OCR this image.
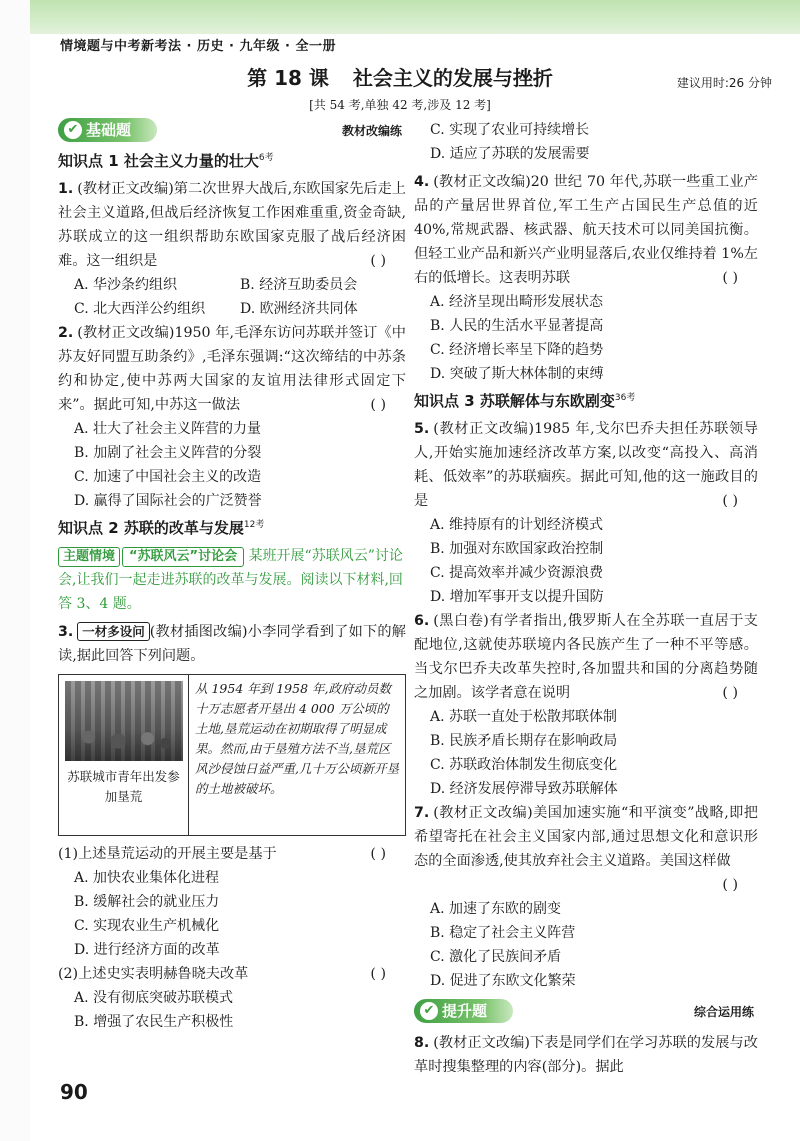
情境题与中考新考法 · 历史 · 九年级 · 全一册
第 18 课 社会主义的发展与挫折	建议用时:26 分钟
[共 54 考,单独 42 考,涉及 12 考]
✔ 基础题	教材改编练
知识点 1 社会主义力量的壮大$^{6考}$

1. (教材正文改编)第二次世界大战后,东欧国家先后走上社会主义道路,但战后经济恢复工作困难重重,资金奇缺,苏联成立的这一组织帮助东欧国家克服了战后经济困难。这一组织是	( )

A. 华沙条约组织	B. 经济互助委员会
C. 北大西洋公约组织	D. 欧洲经济共同体

2. (教材正文改编)1950 年,毛泽东访问苏联并签订《中苏友好同盟互助条约》,毛泽东强调:“这次缔结的中苏条约和协定,使中苏两大国家的友谊用法律形式固定下来”。据此可知,中苏这一做法	( )

A. 壮大了社会主义阵营的力量
B. 加剧了社会主义阵营的分裂
C. 加速了中国社会主义的改造
D. 赢得了国际社会的广泛赞誉
知识点 2 苏联的改革与发展$^{12考}$
主题情境 “苏联风云”讨论会 某班开展“苏联风云”讨论会,让我们一起走进苏联的改革与发展。阅读以下材料,回答 3、4 题。

3. 一材多设问 (教材插图改编)小李同学看到了如下的解读,据此回答下列问题。

苏联城市青年出发参加垦荒
从 1954 年到 1958 年,政府动员数十万志愿者开垦出 4 000 万公顷的土地,垦荒运动在初期取得了明显成果。然而,由于垦殖方法不当,垦荒区风沙侵蚀日益严重,几十万公顷新开垦的土地被破坏。

(1)上述垦荒运动的开展主要是基于	( )

A. 加快农业集体化进程
B. 缓解社会的就业压力
C. 实现农业生产机械化
D. 进行经济方面的改革

(2)上述史实表明赫鲁晓夫改革	( )

A. 没有彻底突破苏联模式
B. 增强了农民生产积极性
C. 实现了农业可持续增长
D. 适应了苏联的发展需要

4. (教材正文改编)20 世纪 70 年代,苏联一些重工业产品的产量居世界首位,军工生产占国民生产总值的近 40%,常规武器、核武器、航天技术可以同美国抗衡。但轻工业产品和新兴产业明显落后,农业仅维持着 1%左右的低增长。这表明苏联	( )

A. 经济呈现出畸形发展状态
B. 人民的生活水平显著提高
C. 经济增长率呈下降的趋势
D. 突破了斯大林体制的束缚
知识点 3 苏联解体与东欧剧变$^{36考}$

5. (教材正文改编)1985 年,戈尔巴乔夫担任苏联领导人,开始实施加速经济改革方案,以改变“高投入、高消耗、低效率”的苏联痼疾。据此可知,他的这一施政目的是	( )

A. 维持原有的计划经济模式
B. 加强对东欧国家政治控制
C. 提高效率并减少资源浪费
D. 增加军事开支以提升国防

6. (黑白卷)有学者指出,俄罗斯人在全苏联一直居于支配地位,这就使苏联境内各民族产生了一种不平等感。当戈尔巴乔夫改革失控时,各加盟共和国的分离趋势随之加剧。该学者意在说明	( )

A. 苏联一直处于松散邦联体制
B. 民族矛盾长期存在影响政局
C. 苏联政治体制发生彻底变化
D. 经济发展停滞导致苏联解体

7. (教材正文改编)美国加速实施“和平演变”战略,即把希望寄托在社会主义国家内部,通过思想文化和意识形态的全面渗透,使其放弃社会主义道路。美国这样做
( )

A. 加速了东欧的剧变
B. 稳定了社会主义阵营
C. 激化了民族间矛盾
D. 促进了东欧文化繁荣
✔ 提升题	综合运用练

8. (教材正文改编)下表是同学们在学习苏联的发展与改革时搜集整理的内容(部分)。据此

90
